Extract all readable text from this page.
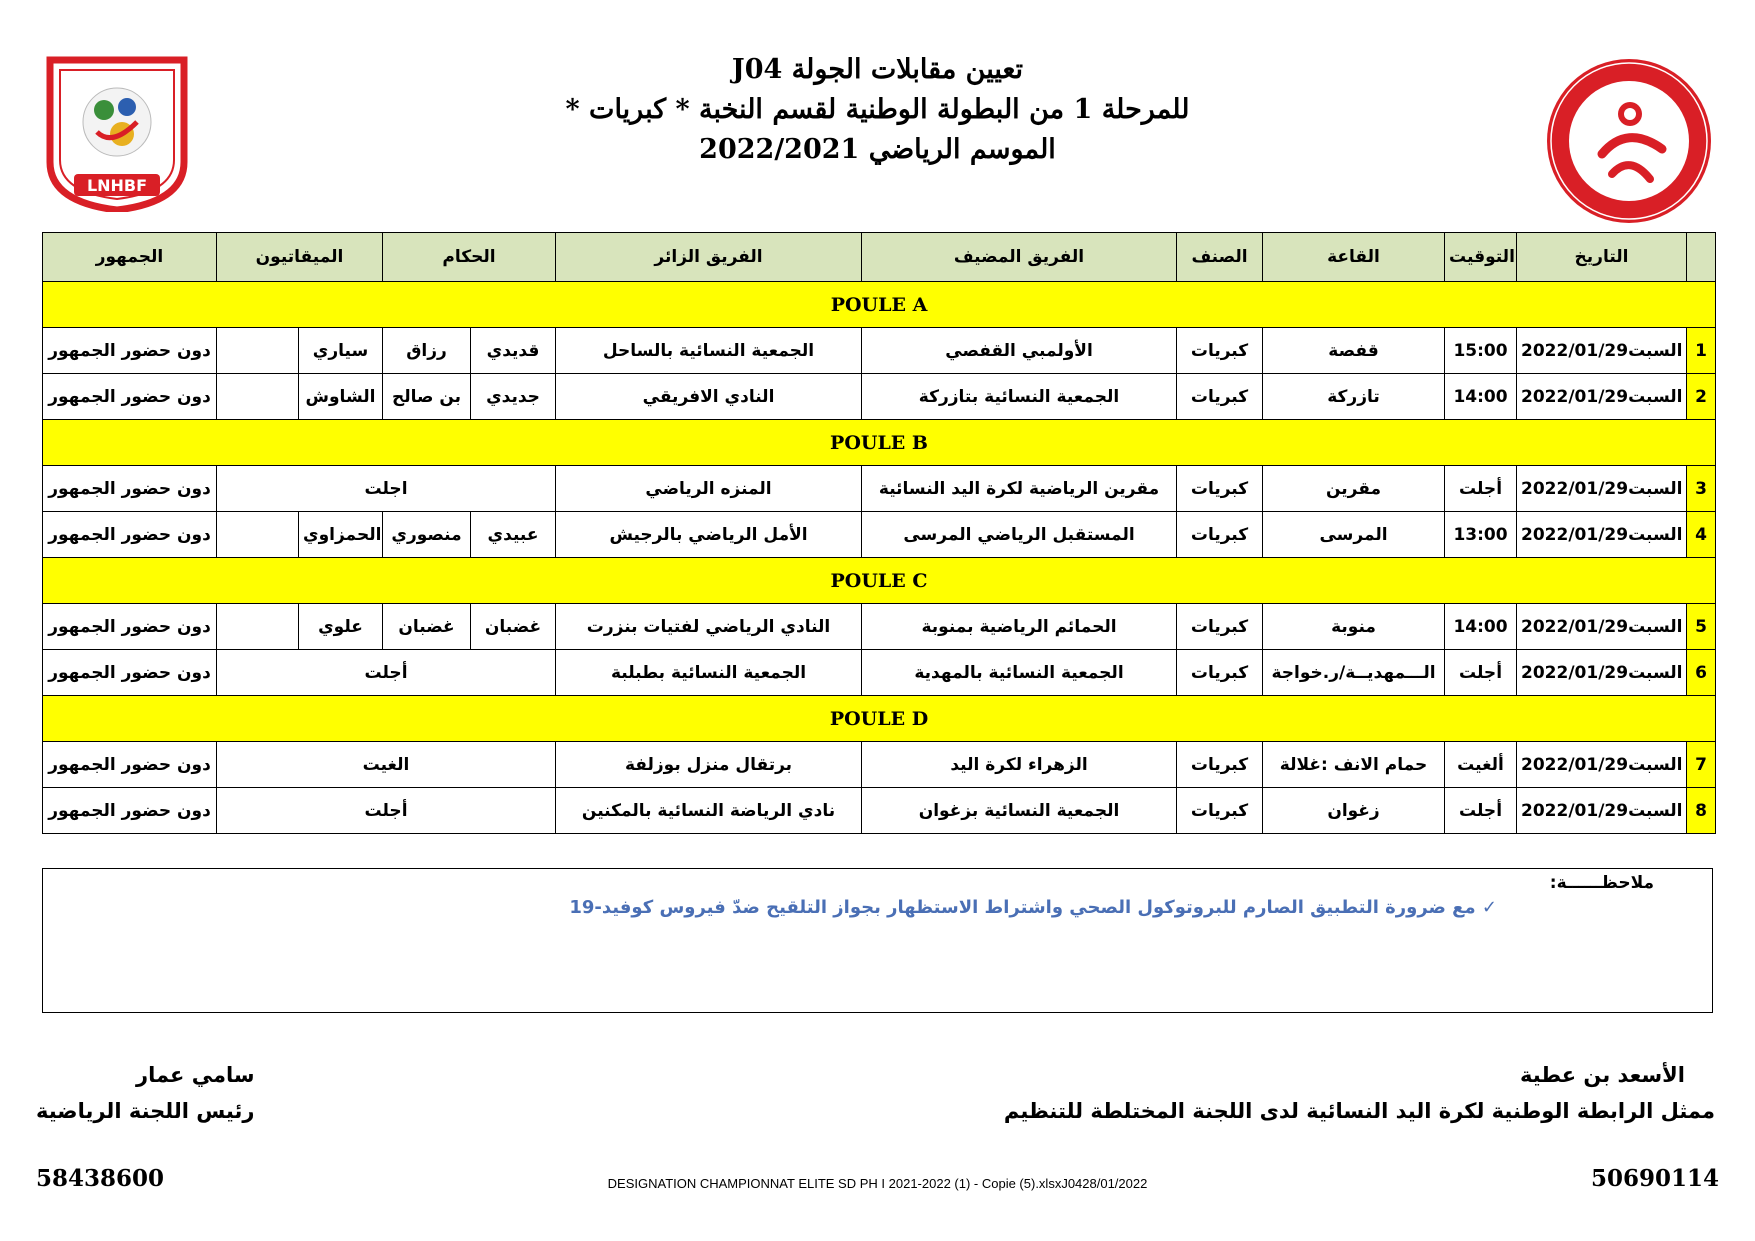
LNHBF
تعيين مقابلات الجولة J04
للمرحلة 1 من البطولة الوطنية لقسم النخبة * كبريات *
الموسم الرياضي 2022/2021
الجمهور	الميقاتيون		الحكام		الفريق الزائر	الفريق المضيف	الصنف	القاعة	التوقيت	التاريخ	
POULE A											
دون حضور الجمهور		سياري	رزاق	قديدي	الجمعية النسائية بالساحل	الأولمبي القفصي	كبريات	قفصة	15:00	السبت2022/01/29	1
دون حضور الجمهور		الشاوش	بن صالح	جديدي	النادي الافريقي	الجمعية النسائية بتازركة	كبريات	تازركة	14:00	السبت2022/01/29	2
POULE B											
دون حضور الجمهور	اجلت				المنزه الرياضي	مقرين الرياضية لكرة اليد النسائية	كبريات	مقرين	أجلت	السبت2022/01/29	3
دون حضور الجمهور		الحمزاوي	منصوري	عبيدي	الأمل الرياضي بالرجيش	المستقبل الرياضي المرسى	كبريات	المرسى	13:00	السبت2022/01/29	4
POULE C											
دون حضور الجمهور		علوي	غضبان	غضبان	النادي الرياضي لفتيات بنزرت	الحمائم الرياضية بمنوبة	كبريات	منوبة	14:00	السبت2022/01/29	5
دون حضور الجمهور	أجلت				الجمعية النسائية بطبلبة	الجمعية النسائية بالمهدية	كبريات	الـــمهديــة/ر.خواجة	أجلت	السبت2022/01/29	6
POULE D											
دون حضور الجمهور	الغيت				برتقال منزل بوزلفة	الزهراء لكرة اليد	كبريات	حمام الانف :غلالة	ألغيت	السبت2022/01/29	7
دون حضور الجمهور	أجلت				نادي الرياضة النسائية بالمكنين	الجمعية النسائية بزغوان	كبريات	زغوان	أجلت	السبت2022/01/29	8
ملاحظــــــة:
✓ مع ضرورة التطبيق الصارم للبروتوكول الصحي واشتراط الاستظهار بجواز التلقيح ضدّ فيروس كوفيد-19
الأسعد بن عطية
ممثل الرابطة الوطنية لكرة اليد النسائية لدى اللجنة المختلطة للتنظيم
50690114
سامي عمار
رئيس اللجنة الرياضية
58438600	DESIGNATION CHAMPIONNAT ELITE SD PH I 2021-2022 (1) - Copie (5).xlsxJ0428/01/2022
